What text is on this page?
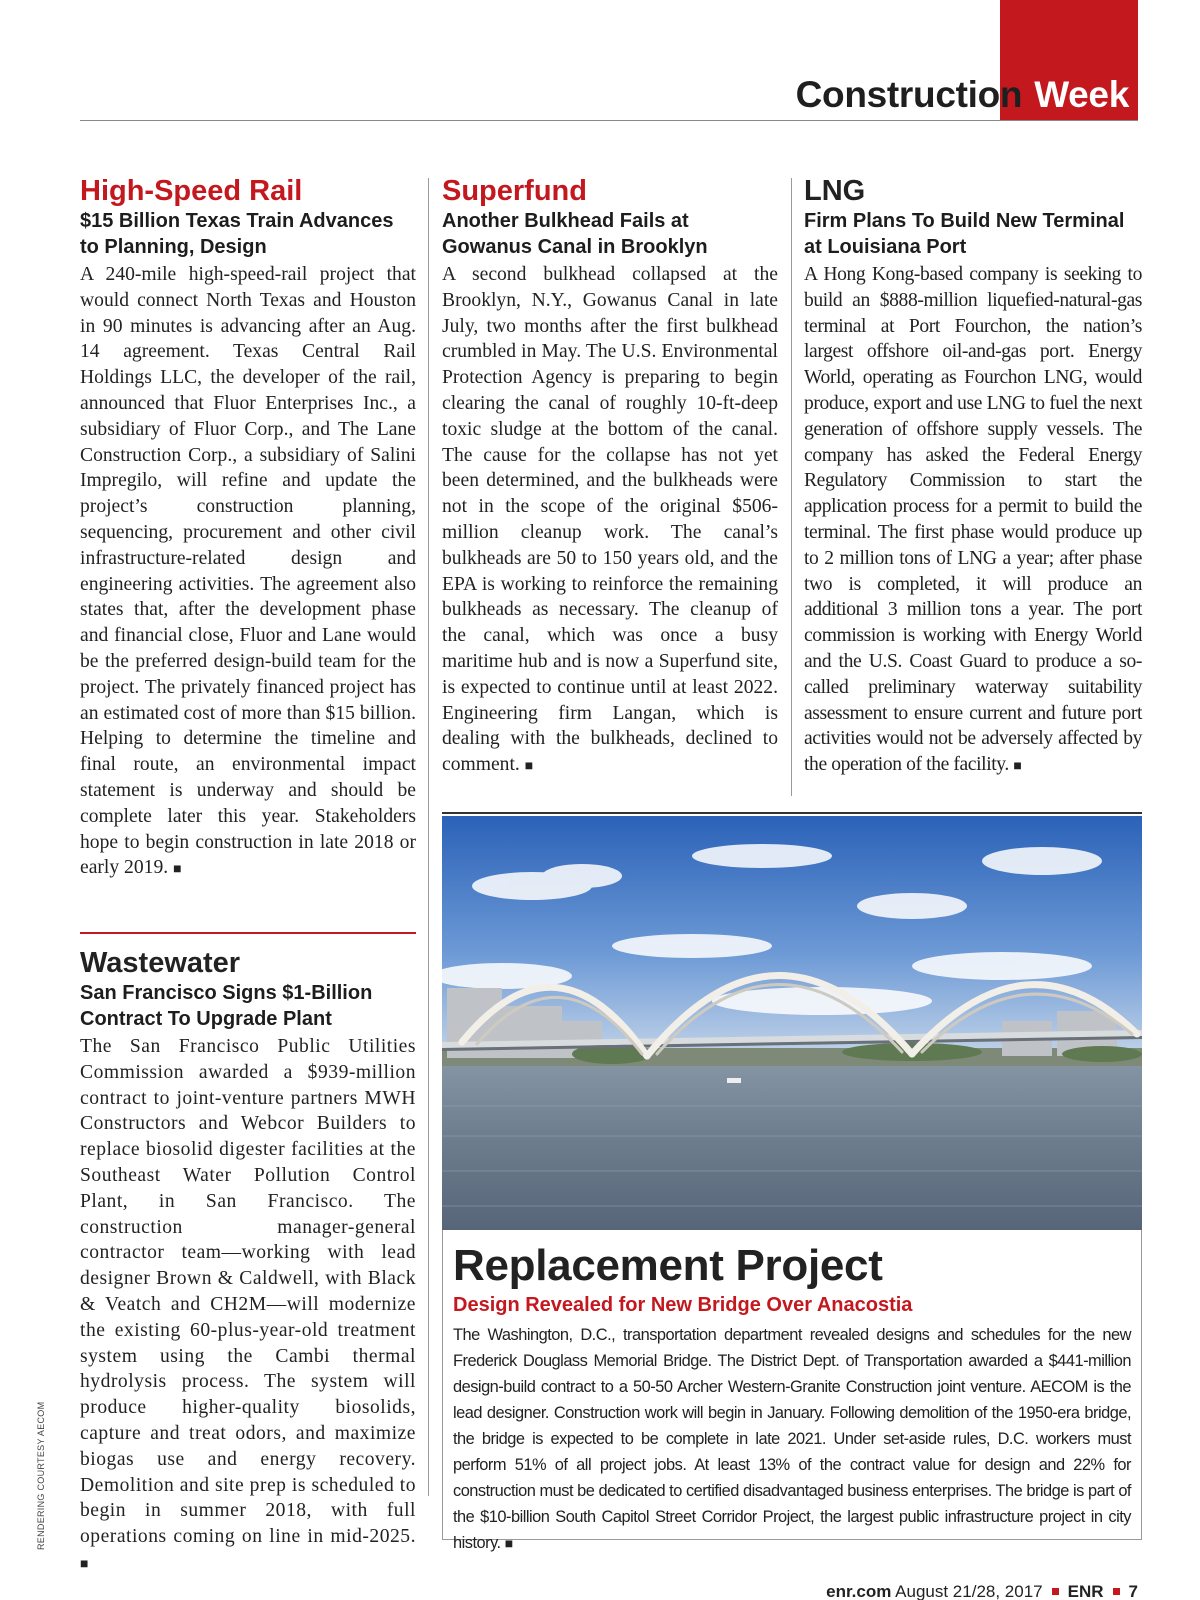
Construction Week
High-Speed Rail
$15 Billion Texas Train Advances to Planning, Design

A 240-mile high-speed-rail project that would connect North Texas and Houston in 90 minutes is advancing after an Aug. 14 agreement. Texas Central Rail Holdings LLC, the developer of the rail, announced that Fluor Enterprises Inc., a subsidiary of Fluor Corp., and The Lane Construction Corp., a subsidiary of Salini Impregilo, will refine and update the project’s construction planning, sequencing, procurement and other civil infrastructure-related design and engineering activities. The agreement also states that, after the development phase and financial close, Fluor and Lane would be the preferred design-build team for the project. The privately financed project has an estimated cost of more than $15 billion. Helping to determine the timeline and final route, an environmental impact statement is underway and should be complete later this year. Stakeholders hope to begin construction in late 2018 or early 2019. ■

Superfund
Another Bulkhead Fails at Gowanus Canal in Brooklyn

A second bulkhead collapsed at the Brooklyn, N.Y., Gowanus Canal in late July, two months after the first bulkhead crumbled in May. The U.S. Environmental Protection Agency is preparing to begin clearing the canal of roughly 10-ft-deep toxic sludge at the bottom of the canal. The cause for the collapse has not yet been determined, and the bulkheads were not in the scope of the original $506-million cleanup work. The canal’s bulkheads are 50 to 150 years old, and the EPA is working to reinforce the remaining bulkheads as necessary. The cleanup of the canal, which was once a busy maritime hub and is now a Superfund site, is expected to continue until at least 2022. Engineering firm Langan, which is dealing with the bulkheads, declined to comment. ■

LNG
Firm Plans To Build New Terminal at Louisiana Port

A Hong Kong-based company is seeking to build an $888-million liquefied-natural-gas terminal at Port Fourchon, the nation’s largest offshore oil-and-gas port. Energy World, operating as Fourchon LNG, would produce, export and use LNG to fuel the next generation of offshore supply vessels. The company has asked the Federal Energy Regulatory Commission to start the application process for a permit to build the terminal. The first phase would produce up to 2 million tons of LNG a year; after phase two is completed, it will produce an additional 3 million tons a year. The port commission is working with Energy World and the U.S. Coast Guard to produce a so-called preliminary waterway suitability assessment to ensure current and future port activities would not be adversely affected by the operation of the facility. ■

Wastewater
San Francisco Signs $1-Billion Contract To Upgrade Plant

The San Francisco Public Utilities Commission awarded a $939-million contract to joint-venture partners MWH Constructors and Webcor Builders to replace biosolid digester facilities at the Southeast Water Pollution Control Plant, in San Francisco. The construction manager-general contractor team—working with lead designer Brown & Caldwell, with Black & Veatch and CH2M—will modernize the existing 60-plus-year-old treatment system using the Cambi thermal hydrolysis process. The system will produce higher-quality biosolids, capture and treat odors, and maximize biogas use and energy recovery. Demolition and site prep is scheduled to begin in summer 2018, with full operations coming on line in mid-2025. ■

Replacement Project
Design Revealed for New Bridge Over Anacostia

The Washington, D.C., transportation department revealed designs and schedules for the new Frederick Douglass Memorial Bridge. The District Dept. of Transportation awarded a $441-million design-build contract to a 50-50 Archer Western-Granite Construction joint venture. AECOM is the lead designer. Construction work will begin in January. Following demolition of the 1950-era bridge, the bridge is expected to be complete in late 2021. Under set-aside rules, D.C. workers must perform 51% of all project jobs. At least 13% of the contract value for design and 22% for construction must be dedicated to certified disadvantaged business enterprises. The bridge is part of the $10-billion South Capitol Street Corridor Project, the largest public infrastructure project in city history. ■

RENDERING COURTESY AECOM
enr.com August 21/28, 2017 ENR 7
